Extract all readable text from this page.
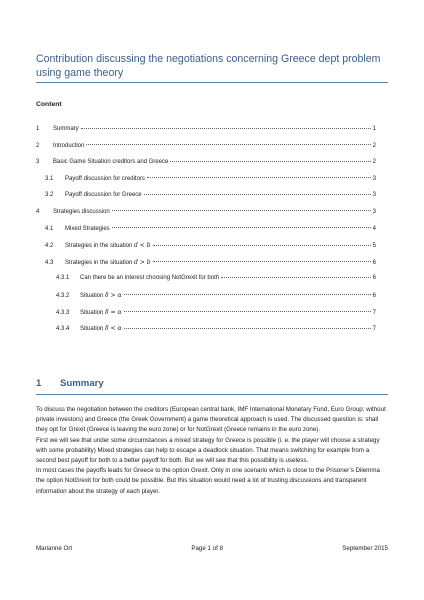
Contribution discussing the negotiations concerning Greece dept problem using game theory
Content
1	Summary	1
2	Introduction	2
3	Basic Game Situation creditors and Greece	2
3.1	Payoff discussion for creditors	3
3.2	Payoff discussion for Greece	3
4	Strategies discussion	3
4.1	Mixed Strategies	4
4.2	Strategies in the situation d < b	5
4.3	Strategies in the situation d > b	6
4.3.1	Can there be an interest choosing NotGrexit for both	6
4.3.2	Situation δ > α	6
4.3.3	Situation δ = α	7
4.3.4	Situation δ < α	7
1 Summary

To discuss the negotiation between the creditors (European central bank, IMF International Monetary Fund, Euro Group; without private investors) and Greece (the Greek Government) a game theoretical approach is used. The discussed question is: shall they opt for Grexit (Greece is leaving the euro zone) or for NotGrexit (Greece remains in the euro zone).

First we will see that under some circumstances a mixed strategy for Greece is possible (i. e. the player will choose a strategy with some probability) Mixed strategies can help to escape a deadlock situation. That means switching for example from a second best payoff for both to a better payoff for both. But we will see that this possibility is useless.

In most cases the payoffs leads for Greece to the option Grexit. Only in one scenario which is close to the Prisoner’s Dilemma the option NotGrexit for both could be possible. But this situation would need a lot of trusting discussions and transparent information about the strategy of each player.

Marianne Ort	Page 1 of 8	September 2015
